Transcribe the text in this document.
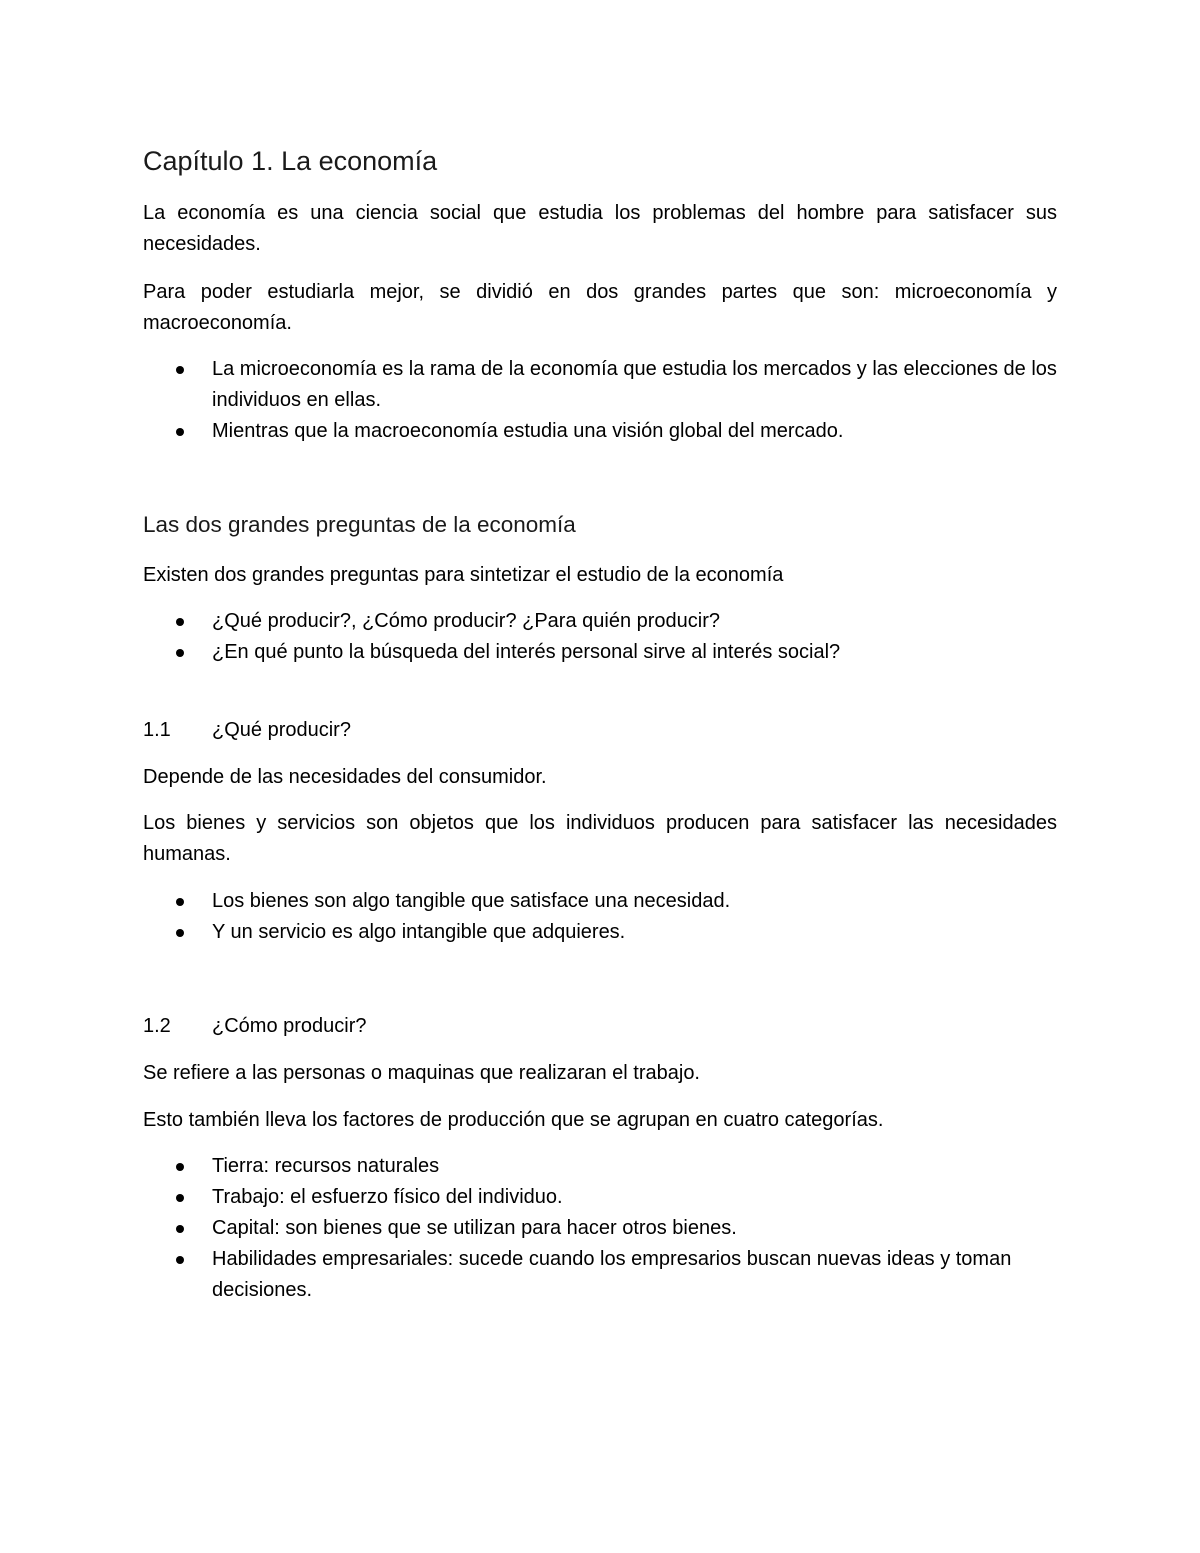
Capítulo 1. La economía
La economía es una ciencia social que estudia los problemas del hombre para satisfacer sus necesidades.
Para poder estudiarla mejor, se dividió en dos grandes partes que son: microeconomía y macroeconomía.
La microeconomía es la rama de la economía que estudia los mercados y las elecciones de los individuos en ellas.
Mientras que la macroeconomía estudia una visión global del mercado.
Las dos grandes preguntas de la economía
Existen dos grandes preguntas para sintetizar el estudio de la economía
¿Qué producir?, ¿Cómo producir? ¿Para quién producir?
¿En qué punto la búsqueda del interés personal sirve al interés social?
1.1 ¿Qué producir?
Depende de las necesidades del consumidor.
Los bienes y servicios son objetos que los individuos producen para satisfacer las necesidades humanas.
Los bienes son algo tangible que satisface una necesidad.
Y un servicio es algo intangible que adquieres.
1.2 ¿Cómo producir?
Se refiere a las personas o maquinas que realizaran el trabajo.
Esto también lleva los factores de producción que se agrupan en cuatro categorías.
Tierra: recursos naturales
Trabajo: el esfuerzo físico del individuo.
Capital: son bienes que se utilizan para hacer otros bienes.
Habilidades empresariales: sucede cuando los empresarios buscan nuevas ideas y toman decisiones.
